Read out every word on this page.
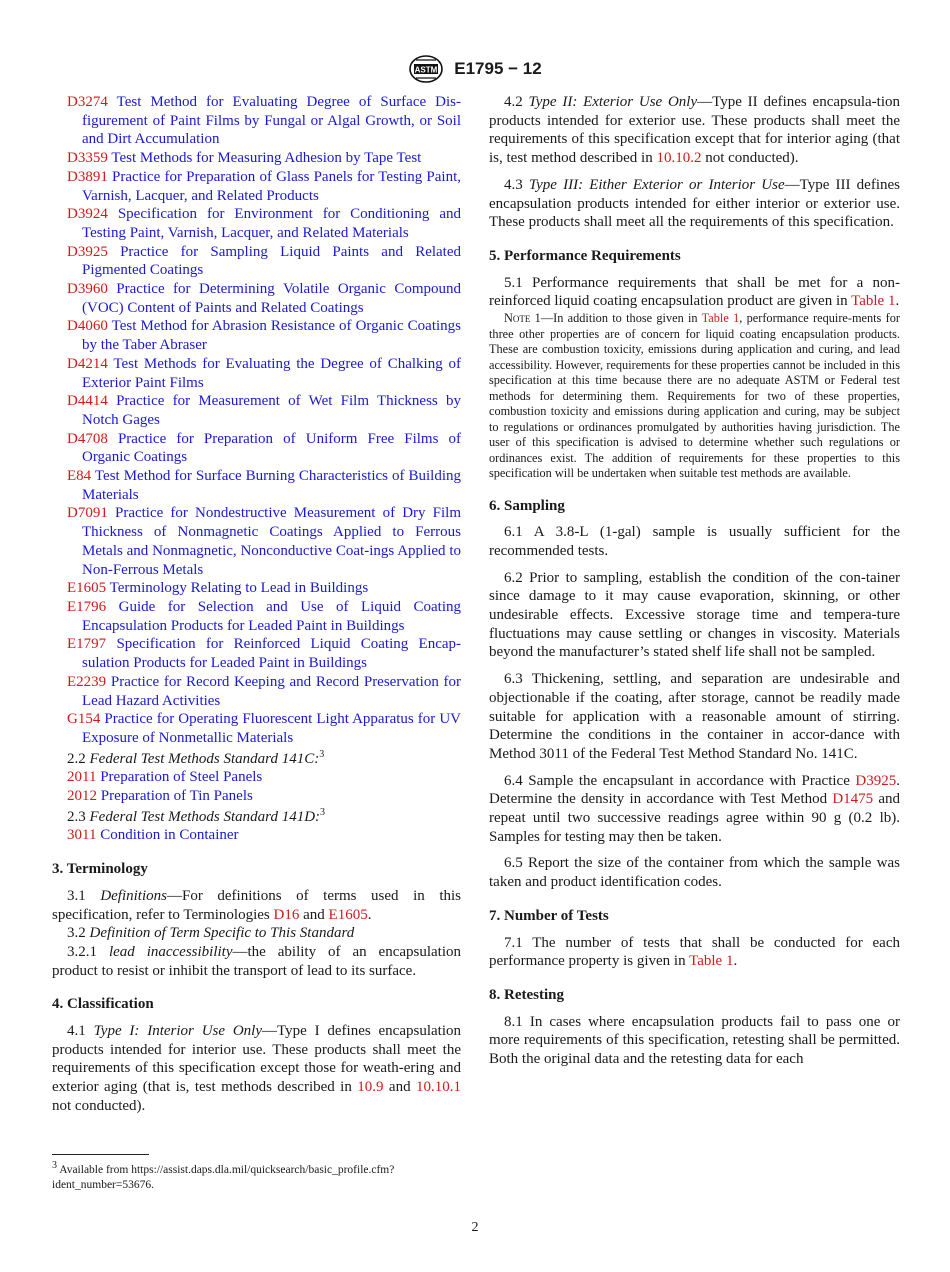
ASTM E1795 − 12
D3274 Test Method for Evaluating Degree of Surface Dis-figurement of Paint Films by Fungal or Algal Growth, or Soil and Dirt Accumulation
D3359 Test Methods for Measuring Adhesion by Tape Test
D3891 Practice for Preparation of Glass Panels for Testing Paint, Varnish, Lacquer, and Related Products
D3924 Specification for Environment for Conditioning and Testing Paint, Varnish, Lacquer, and Related Materials
D3925 Practice for Sampling Liquid Paints and Related Pigmented Coatings
D3960 Practice for Determining Volatile Organic Compound (VOC) Content of Paints and Related Coatings
D4060 Test Method for Abrasion Resistance of Organic Coatings by the Taber Abraser
D4214 Test Methods for Evaluating the Degree of Chalking of Exterior Paint Films
D4414 Practice for Measurement of Wet Film Thickness by Notch Gages
D4708 Practice for Preparation of Uniform Free Films of Organic Coatings
E84 Test Method for Surface Burning Characteristics of Building Materials
D7091 Practice for Nondestructive Measurement of Dry Film Thickness of Nonmagnetic Coatings Applied to Ferrous Metals and Nonmagnetic, Nonconductive Coat-ings Applied to Non-Ferrous Metals
E1605 Terminology Relating to Lead in Buildings
E1796 Guide for Selection and Use of Liquid Coating Encapsulation Products for Leaded Paint in Buildings
E1797 Specification for Reinforced Liquid Coating Encap-sulation Products for Leaded Paint in Buildings
E2239 Practice for Record Keeping and Record Preservation for Lead Hazard Activities
G154 Practice for Operating Fluorescent Light Apparatus for UV Exposure of Nonmetallic Materials
2.2 Federal Test Methods Standard 141C:$^3$
2011 Preparation of Steel Panels
2012 Preparation of Tin Panels
2.3 Federal Test Methods Standard 141D:$^3$
3011 Condition in Container
3. Terminology

3.1 Definitions—For definitions of terms used in this specification, refer to Terminologies D16 and E1605.

3.2 Definition of Term Specific to This Standard

3.2.1 lead inaccessibility—the ability of an encapsulation product to resist or inhibit the transport of lead to its surface.

4. Classification

4.1 Type I: Interior Use Only—Type I defines encapsulation products intended for interior use. These products shall meet the requirements of this specification except those for weath-ering and exterior aging (that is, test methods described in 10.9 and 10.10.1 not conducted).

4.2 Type II: Exterior Use Only—Type II defines encapsula-tion products intended for exterior use. These products shall meet the requirements of this specification except that for interior aging (that is, test method described in 10.10.2 not conducted).

4.3 Type III: Either Exterior or Interior Use—Type III defines encapsulation products intended for either interior or exterior use. These products shall meet all the requirements of this specification.

5. Performance Requirements

5.1 Performance requirements that shall be met for a non-reinforced liquid coating encapsulation product are given in Table 1.

Note 1—In addition to those given in Table 1, performance require-ments for three other properties are of concern for liquid coating encapsulation products. These are combustion toxicity, emissions during application and curing, and lead accessibility. However, requirements for these properties cannot be included in this specification at this time because there are no adequate ASTM or Federal test methods for determining them. Requirements for two of these properties, combustion toxicity and emissions during application and curing, may be subject to regulations or ordinances promulgated by authorities having jurisdiction. The user of this specification is advised to determine whether such regulations or ordinances exist. The addition of requirements for these properties to this specification will be undertaken when suitable test methods are available.
6. Sampling

6.1 A 3.8-L (1-gal) sample is usually sufficient for the recommended tests.

6.2 Prior to sampling, establish the condition of the con-tainer since damage to it may cause evaporation, skinning, or other undesirable effects. Excessive storage time and tempera-ture fluctuations may cause settling or changes in viscosity. Materials beyond the manufacturer’s stated shelf life shall not be sampled.

6.3 Thickening, settling, and separation are undesirable and objectionable if the coating, after storage, cannot be readily made suitable for application with a reasonable amount of stirring. Determine the conditions in the container in accor-dance with Method 3011 of the Federal Test Method Standard No. 141C.

6.4 Sample the encapsulant in accordance with Practice D3925. Determine the density in accordance with Test Method D1475 and repeat until two successive readings agree within 90 g (0.2 lb). Samples for testing may then be taken.

6.5 Report the size of the container from which the sample was taken and product identification codes.

7. Number of Tests

7.1 The number of tests that shall be conducted for each performance property is given in Table 1.

8. Retesting

8.1 In cases where encapsulation products fail to pass one or more requirements of this specification, retesting shall be permitted. Both the original data and the retesting data for each

$^3$ Available from https://assist.daps.dla.mil/quicksearch/basic_profile.cfm?ident_number=53676.
2
